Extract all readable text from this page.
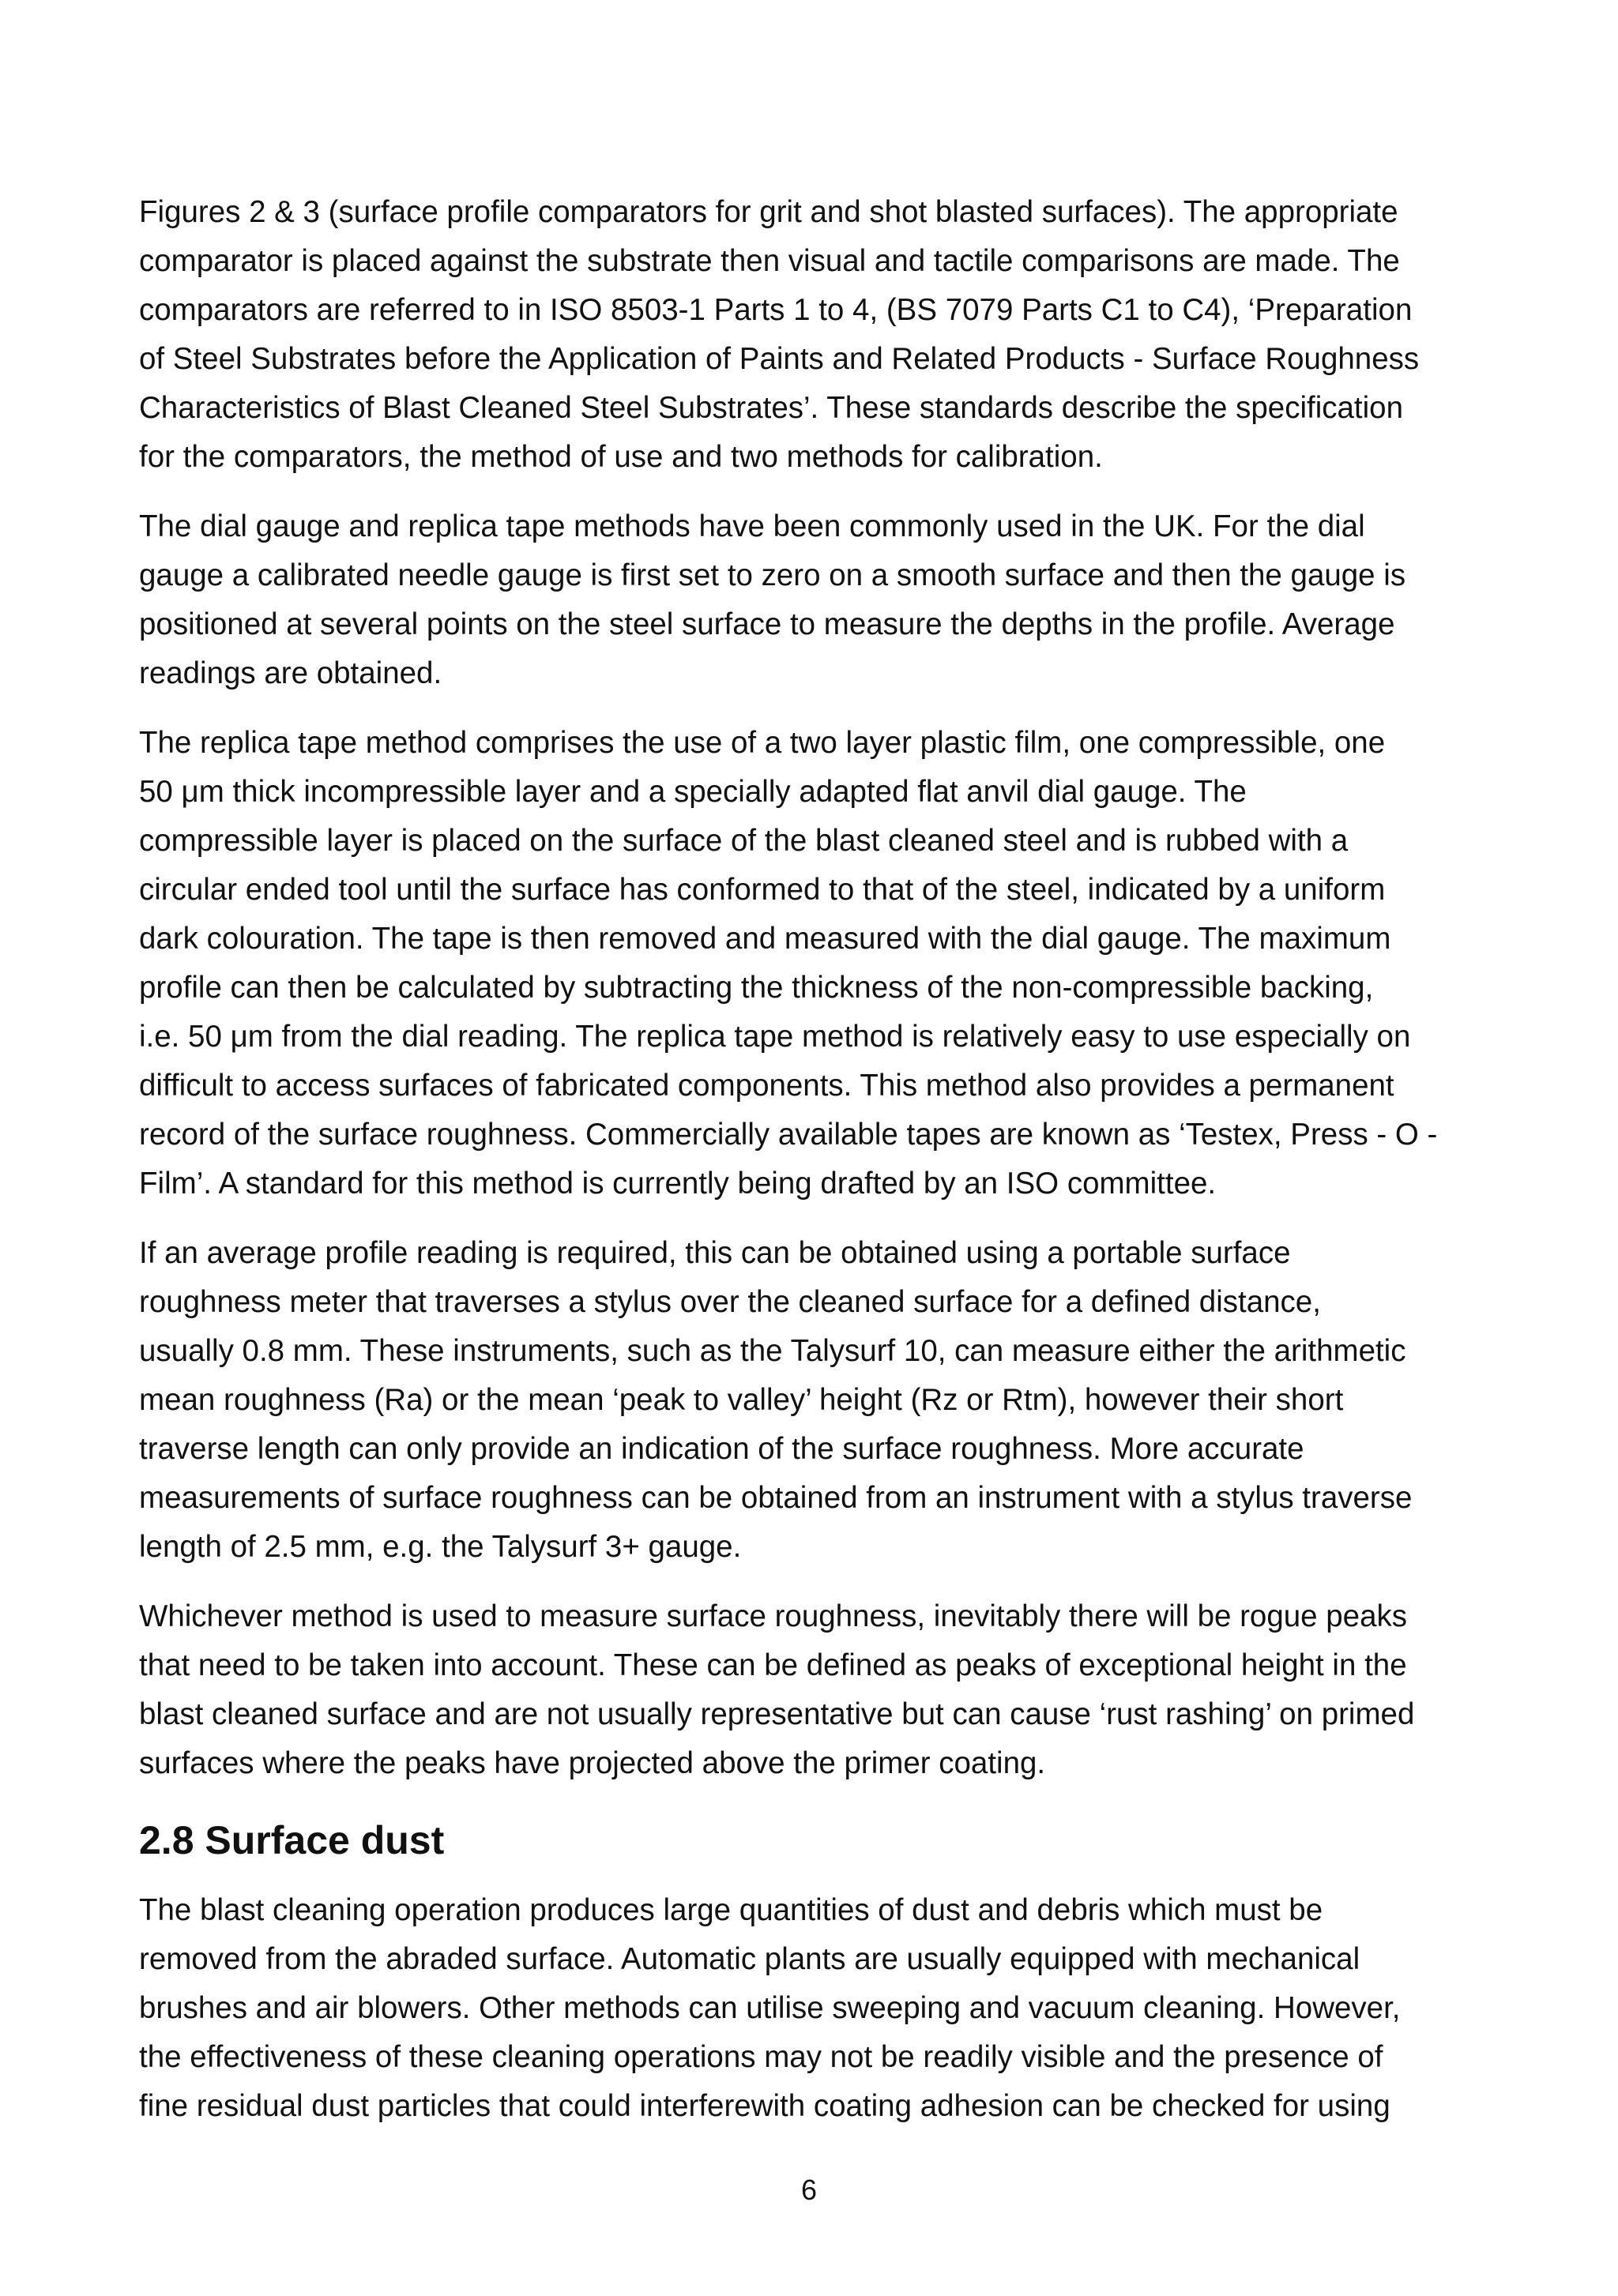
Figures 2 & 3 (surface profile comparators for grit and shot blasted surfaces). The appropriate
comparator is placed against the substrate then visual and tactile comparisons are made. The
comparators are referred to in ISO 8503-1 Parts 1 to 4, (BS 7079 Parts C1 to C4), ‘Preparation
of Steel Substrates before the Application of Paints and Related Products - Surface Roughness
Characteristics of Blast Cleaned Steel Substrates’. These standards describe the specification
for the comparators, the method of use and two methods for calibration.

The dial gauge and replica tape methods have been commonly used in the UK. For the dial
gauge a calibrated needle gauge is first set to zero on a smooth surface and then the gauge is
positioned at several points on the steel surface to measure the depths in the profile. Average
readings are obtained.

The replica tape method comprises the use of a two layer plastic film, one compressible, one
50 μm thick incompressible layer and a specially adapted flat anvil dial gauge. The
compressible layer is placed on the surface of the blast cleaned steel and is rubbed with a
circular ended tool until the surface has conformed to that of the steel, indicated by a uniform
dark colouration. The tape is then removed and measured with the dial gauge. The maximum
profile can then be calculated by subtracting the thickness of the non-compressible backing,
i.e. 50 μm from the dial reading. The replica tape method is relatively easy to use especially on
difficult to access surfaces of fabricated components. This method also provides a permanent
record of the surface roughness. Commercially available tapes are known as ‘Testex, Press - O -
Film’. A standard for this method is currently being drafted by an ISO committee.

If an average profile reading is required, this can be obtained using a portable surface
roughness meter that traverses a stylus over the cleaned surface for a defined distance,
usually 0.8 mm. These instruments, such as the Talysurf 10, can measure either the arithmetic
mean roughness (Ra) or the mean ‘peak to valley’ height (Rz or Rtm), however their short
traverse length can only provide an indication of the surface roughness. More accurate
measurements of surface roughness can be obtained from an instrument with a stylus traverse
length of 2.5 mm, e.g. the Talysurf 3+ gauge.

Whichever method is used to measure surface roughness, inevitably there will be rogue peaks
that need to be taken into account. These can be defined as peaks of exceptional height in the
blast cleaned surface and are not usually representative but can cause ‘rust rashing’ on primed
surfaces where the peaks have projected above the primer coating.

2.8 Surface dust

The blast cleaning operation produces large quantities of dust and debris which must be
removed from the abraded surface. Automatic plants are usually equipped with mechanical
brushes and air blowers. Other methods can utilise sweeping and vacuum cleaning. However,
the effectiveness of these cleaning operations may not be readily visible and the presence of
fine residual dust particles that could interferewith coating adhesion can be checked for using

6
